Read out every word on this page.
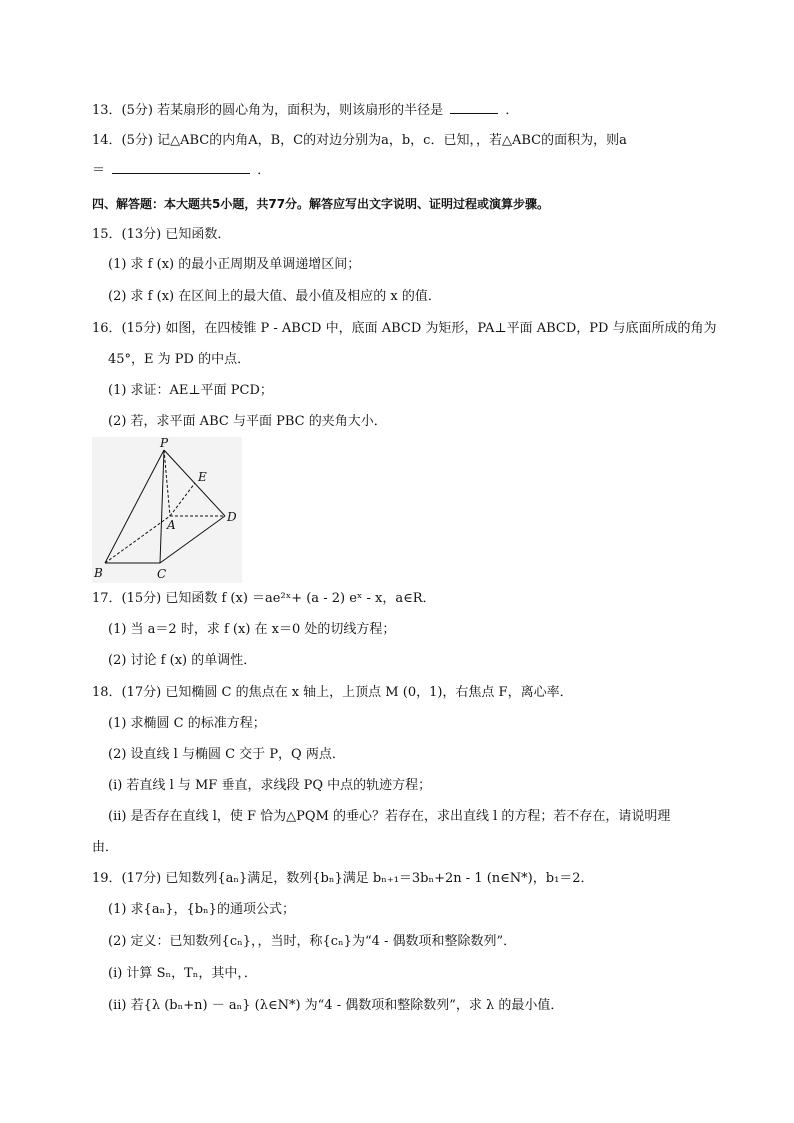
13．(5分) 若某扇形的圆心角为，面积为，则该扇形的半径是	．
14．(5分) 记△ABC的内角A，B，C的对边分别为a，b，c．已知，，若△ABC的面积为，则a
＝	．
四、解答题：本大题共5小题，共77分。解答应写出文字说明、证明过程或演算步骤。
15．(13分) 已知函数．
(1) 求 f (x) 的最小正周期及单调递增区间；
(2) 求 f (x) 在区间上的最大值、最小值及相应的 x 的值．
16．(15分) 如图，在四棱锥 P - ABCD 中，底面 ABCD 为矩形，PA⊥平面 ABCD，PD 与底面所成的角为
45°，E 为 PD 的中点．
(1) 求证：AE⊥平面 PCD；
(2) 若，求平面 ABC 与平面 PBC 的夹角大小．
P
E
A
D
B	C
17．(15分) 已知函数 f (x) ＝ae²ˣ+ (a - 2) eˣ - x，a∈R．
(1) 当 a＝2 时，求 f (x) 在 x＝0 处的切线方程；
(2) 讨论 f (x) 的单调性．
18．(17分) 已知椭圆 C 的焦点在 x 轴上，上顶点 M (0，1)，右焦点 F，离心率．
(1) 求椭圆 C 的标准方程；
(2) 设直线 l 与椭圆 C 交于 P，Q 两点．
(i) 若直线 l 与 MF 垂直，求线段 PQ 中点的轨迹方程；
(ii) 是否存在直线 l，使 F 恰为△PQM 的垂心？若存在，求出直线 l 的方程；若不存在，请说明理
由．
19．(17分) 已知数列{aₙ}满足，数列{bₙ}满足 bₙ₊₁＝3bₙ+2n - 1 (n∈N*)，b₁＝2．
(1) 求{aₙ}，{bₙ}的通项公式；
(2) 定义：已知数列{cₙ}，，当时，称{cₙ}为“4 - 偶数项和整除数列”．
(i) 计算 Sₙ，Tₙ，其中，．
(ii) 若{λ (bₙ+n) － aₙ} (λ∈N*) 为“4 - 偶数项和整除数列”，求 λ 的最小值．
